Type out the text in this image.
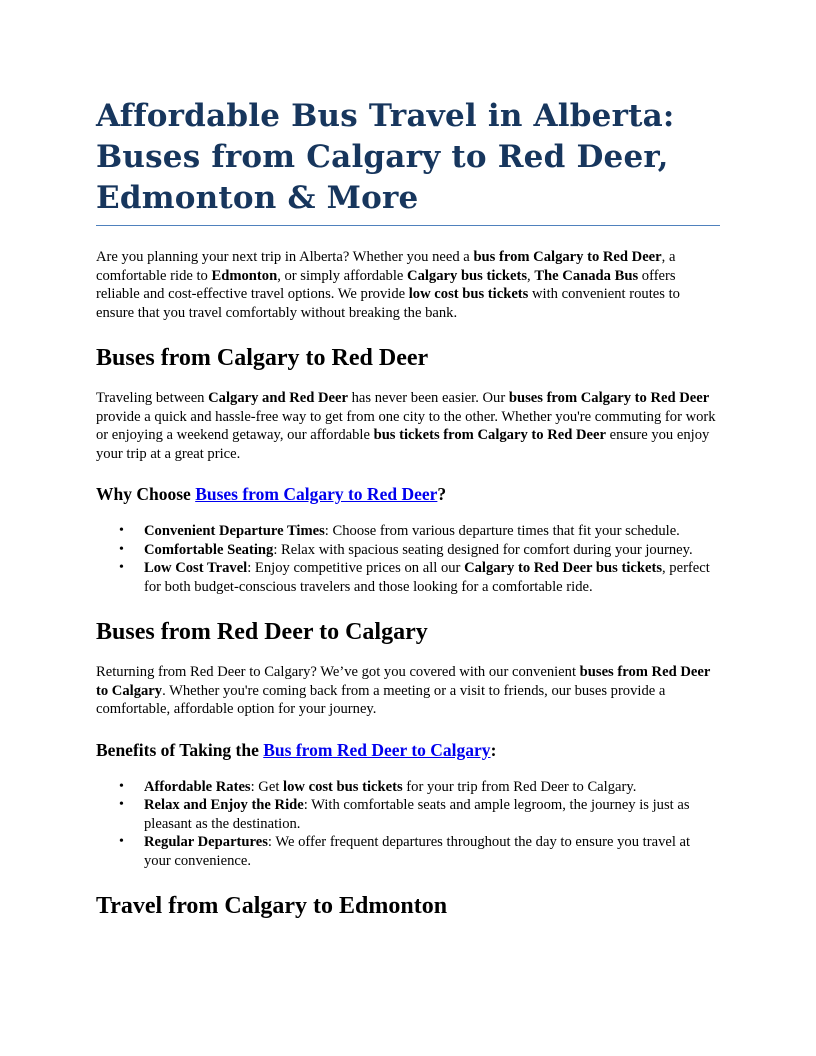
Affordable Bus Travel in Alberta: Buses from Calgary to Red Deer, Edmonton & More

Are you planning your next trip in Alberta? Whether you need a bus from Calgary to Red Deer, a comfortable ride to Edmonton, or simply affordable Calgary bus tickets, The Canada Bus offers reliable and cost-effective travel options. We provide low cost bus tickets with convenient routes to ensure that you travel comfortably without breaking the bank.

Buses from Calgary to Red Deer

Traveling between Calgary and Red Deer has never been easier. Our buses from Calgary to Red Deer provide a quick and hassle-free way to get from one city to the other. Whether you're commuting for work or enjoying a weekend getaway, our affordable bus tickets from Calgary to Red Deer ensure you enjoy your trip at a great price.

Why Choose Buses from Calgary to Red Deer?
• Convenient Departure Times: Choose from various departure times that fit your schedule.
• Comfortable Seating: Relax with spacious seating designed for comfort during your journey.
• Low Cost Travel: Enjoy competitive prices on all our Calgary to Red Deer bus tickets, perfect for both budget-conscious travelers and those looking for a comfortable ride.
Buses from Red Deer to Calgary

Returning from Red Deer to Calgary? We’ve got you covered with our convenient buses from Red Deer to Calgary. Whether you're coming back from a meeting or a visit to friends, our buses provide a comfortable, affordable option for your journey.

Benefits of Taking the Bus from Red Deer to Calgary:
• Affordable Rates: Get low cost bus tickets for your trip from Red Deer to Calgary.
• Relax and Enjoy the Ride: With comfortable seats and ample legroom, the journey is just as pleasant as the destination.
• Regular Departures: We offer frequent departures throughout the day to ensure you travel at your convenience.
Travel from Calgary to Edmonton
